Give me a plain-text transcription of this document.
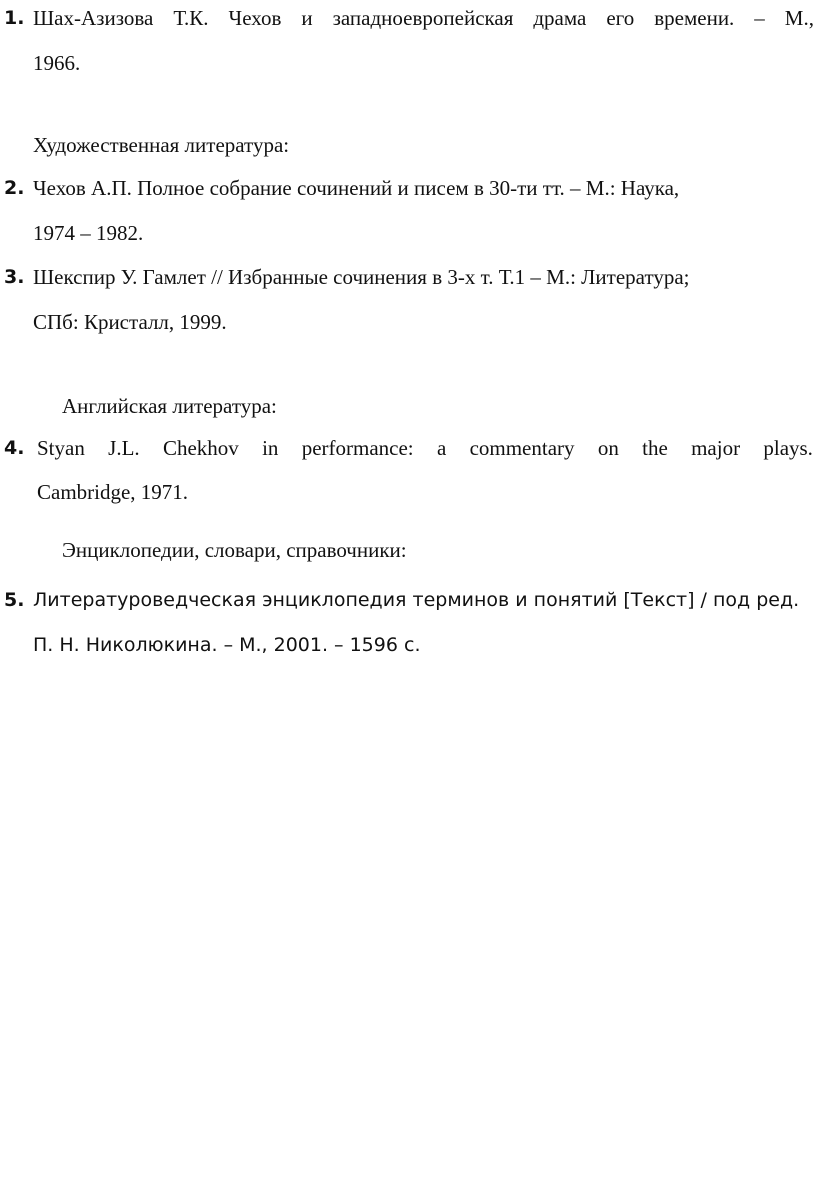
1. Шах-Азизова Т.К. Чехов и западноевропейская драма его времени. – М.,
1966.
Художественная литература:
2. Чехов А.П. Полное собрание сочинений и писем в 30-ти тт. – М.: Наука,
1974 – 1982.
3. Шекспир У. Гамлет // Избранные сочинения в 3-х т. Т.1 – М.: Литература;
СПб: Кристалл, 1999.
Английская литература:
4. Styan J.L. Chekhov in performance: a commentary on the major plays.
Cambridge, 1971.
Энциклопедии, словари, справочники:
5. Литературоведческая энциклопедия терминов и понятий [Текст] / под ред.
П. Н. Николюкина. – М., 2001. – 1596 с.
